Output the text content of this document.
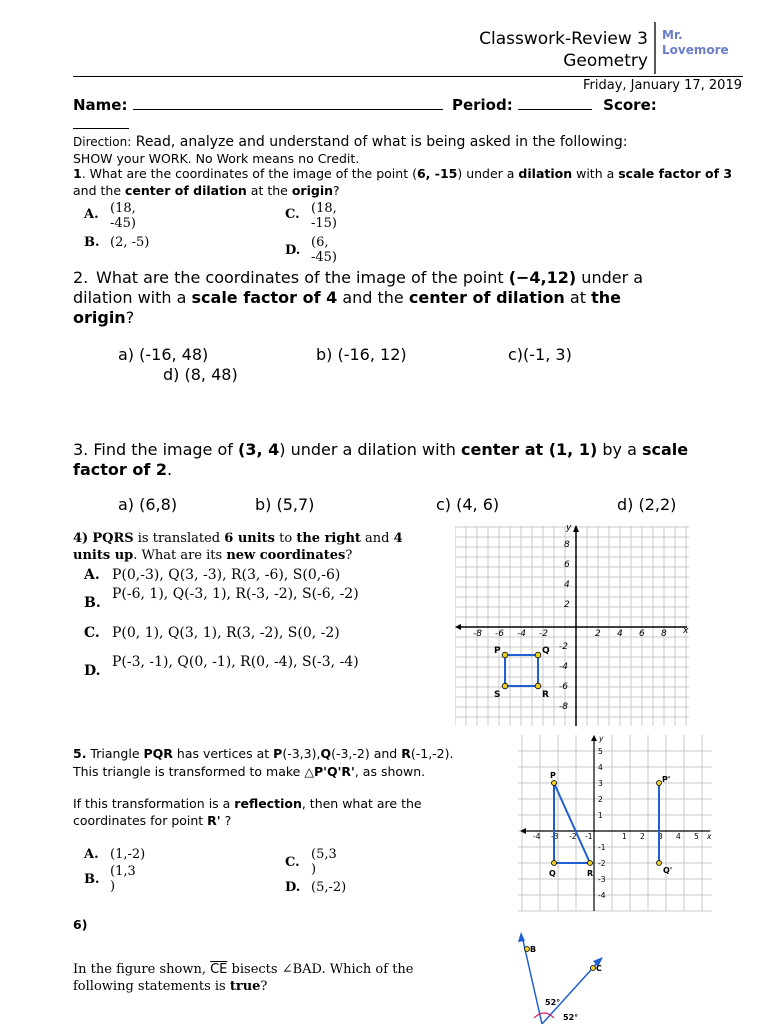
Classwork-Review 3
Geometry
Mr. Lovemore
Friday, January 17, 2019
Name:	Period:	Score:
Direction: Read, analyze and understand of what is being asked in the following:
SHOW your WORK. No Work means no Credit.
1. What are the coordinates of the image of the point (6, -15) under a dilation with a scale factor of 3 and the center of dilation at the origin?
A. (18, -45)
B. (2, -5)
C. (18, -15)
D.(6, -45)
2. What are the coordinates of the image of the point (−4,12) under a dilation with a scale factor of 4 and the center of dilation at the origin?
a) (-16, 48)	b) (-16, 12)	c)(-1, 3)
d) (8, 48)
3. Find the image of (3, 4) under a dilation with center at (1, 1) by a scale factor of 2.
a) (6,8)	b) (5,7)	c) (4, 6)	d) (2,2)
4) PQRS is translated 6 units to the right and 4 units up. What are its new coordinates?
A. P(0,-3), Q(3, -3), R(3, -6), S(0,-6)
B.
P(-6, 1), Q(-3, 1), R(-3, -2), S(-6, -2)
C. P(0, 1), Q(3, 1), R(3, -2), S(0, -2)
D.
P(-3, -1), Q(0, -1), R(0, -4), S(-3, -4)
-8 -6 -4 -2	2 4 6 8 x
y
8
6
4
2
-2
-4
-6
-8
P	Q
S	R
5. Triangle PQR has vertices at P(-3,3),Q(-3,-2) and R(-1,-2).
This triangle is transformed to make △P'Q'R', as shown.
If this transformation is a reflection, then what are the
coordinates for point R' ?
A. (1,-2)
B.(1,3 )
C.(5,3 )
D. (5,-2)
-4 -3 -2 -1	1 2 3 4 5 x
y
5
4
3
2
1
-1
-2
-3
-4
P	P'
Q	R	Q'
6)
In the figure shown, $\overline{CE}$ bisects ∠BAD. Which of the
following statements is true?
B
C
52°
52°
